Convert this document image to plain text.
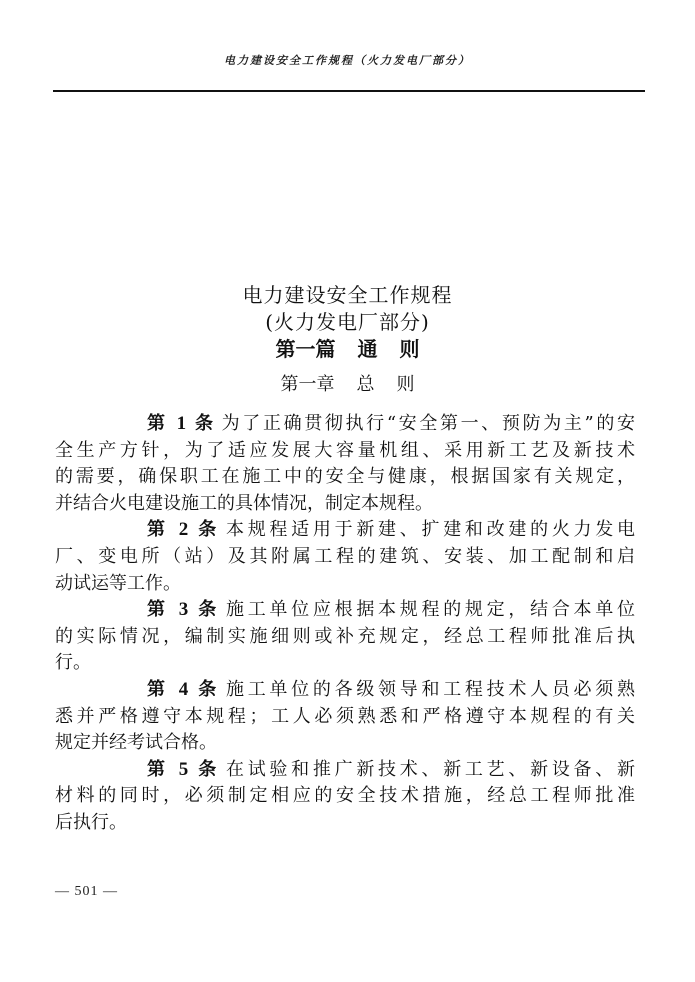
电力建设安全工作规程（火力发电厂部分）
电力建设安全工作规程
(火力发电厂部分)
第一篇 通 则
第一章 总 则
第 1 条 为了正确贯彻执行“安全第一、预防为主”的安
全生产方针，为了适应发展大容量机组、采用新工艺及新技术
的需要，确保职工在施工中的安全与健康，根据国家有关规定，
并结合火电建设施工的具体情况，制定本规程。
第 2 条 本规程适用于新建、扩建和改建的火力发电
厂、变电所（站）及其附属工程的建筑、安装、加工配制和启
动试运等工作。
第 3 条 施工单位应根据本规程的规定，结合本单位
的实际情况，编制实施细则或补充规定，经总工程师批准后执
行。
第 4 条 施工单位的各级领导和工程技术人员必须熟
悉并严格遵守本规程；工人必须熟悉和严格遵守本规程的有关
规定并经考试合格。
第 5 条 在试验和推广新技术、新工艺、新设备、新
材料的同时，必须制定相应的安全技术措施，经总工程师批准
后执行。
— 501 —
